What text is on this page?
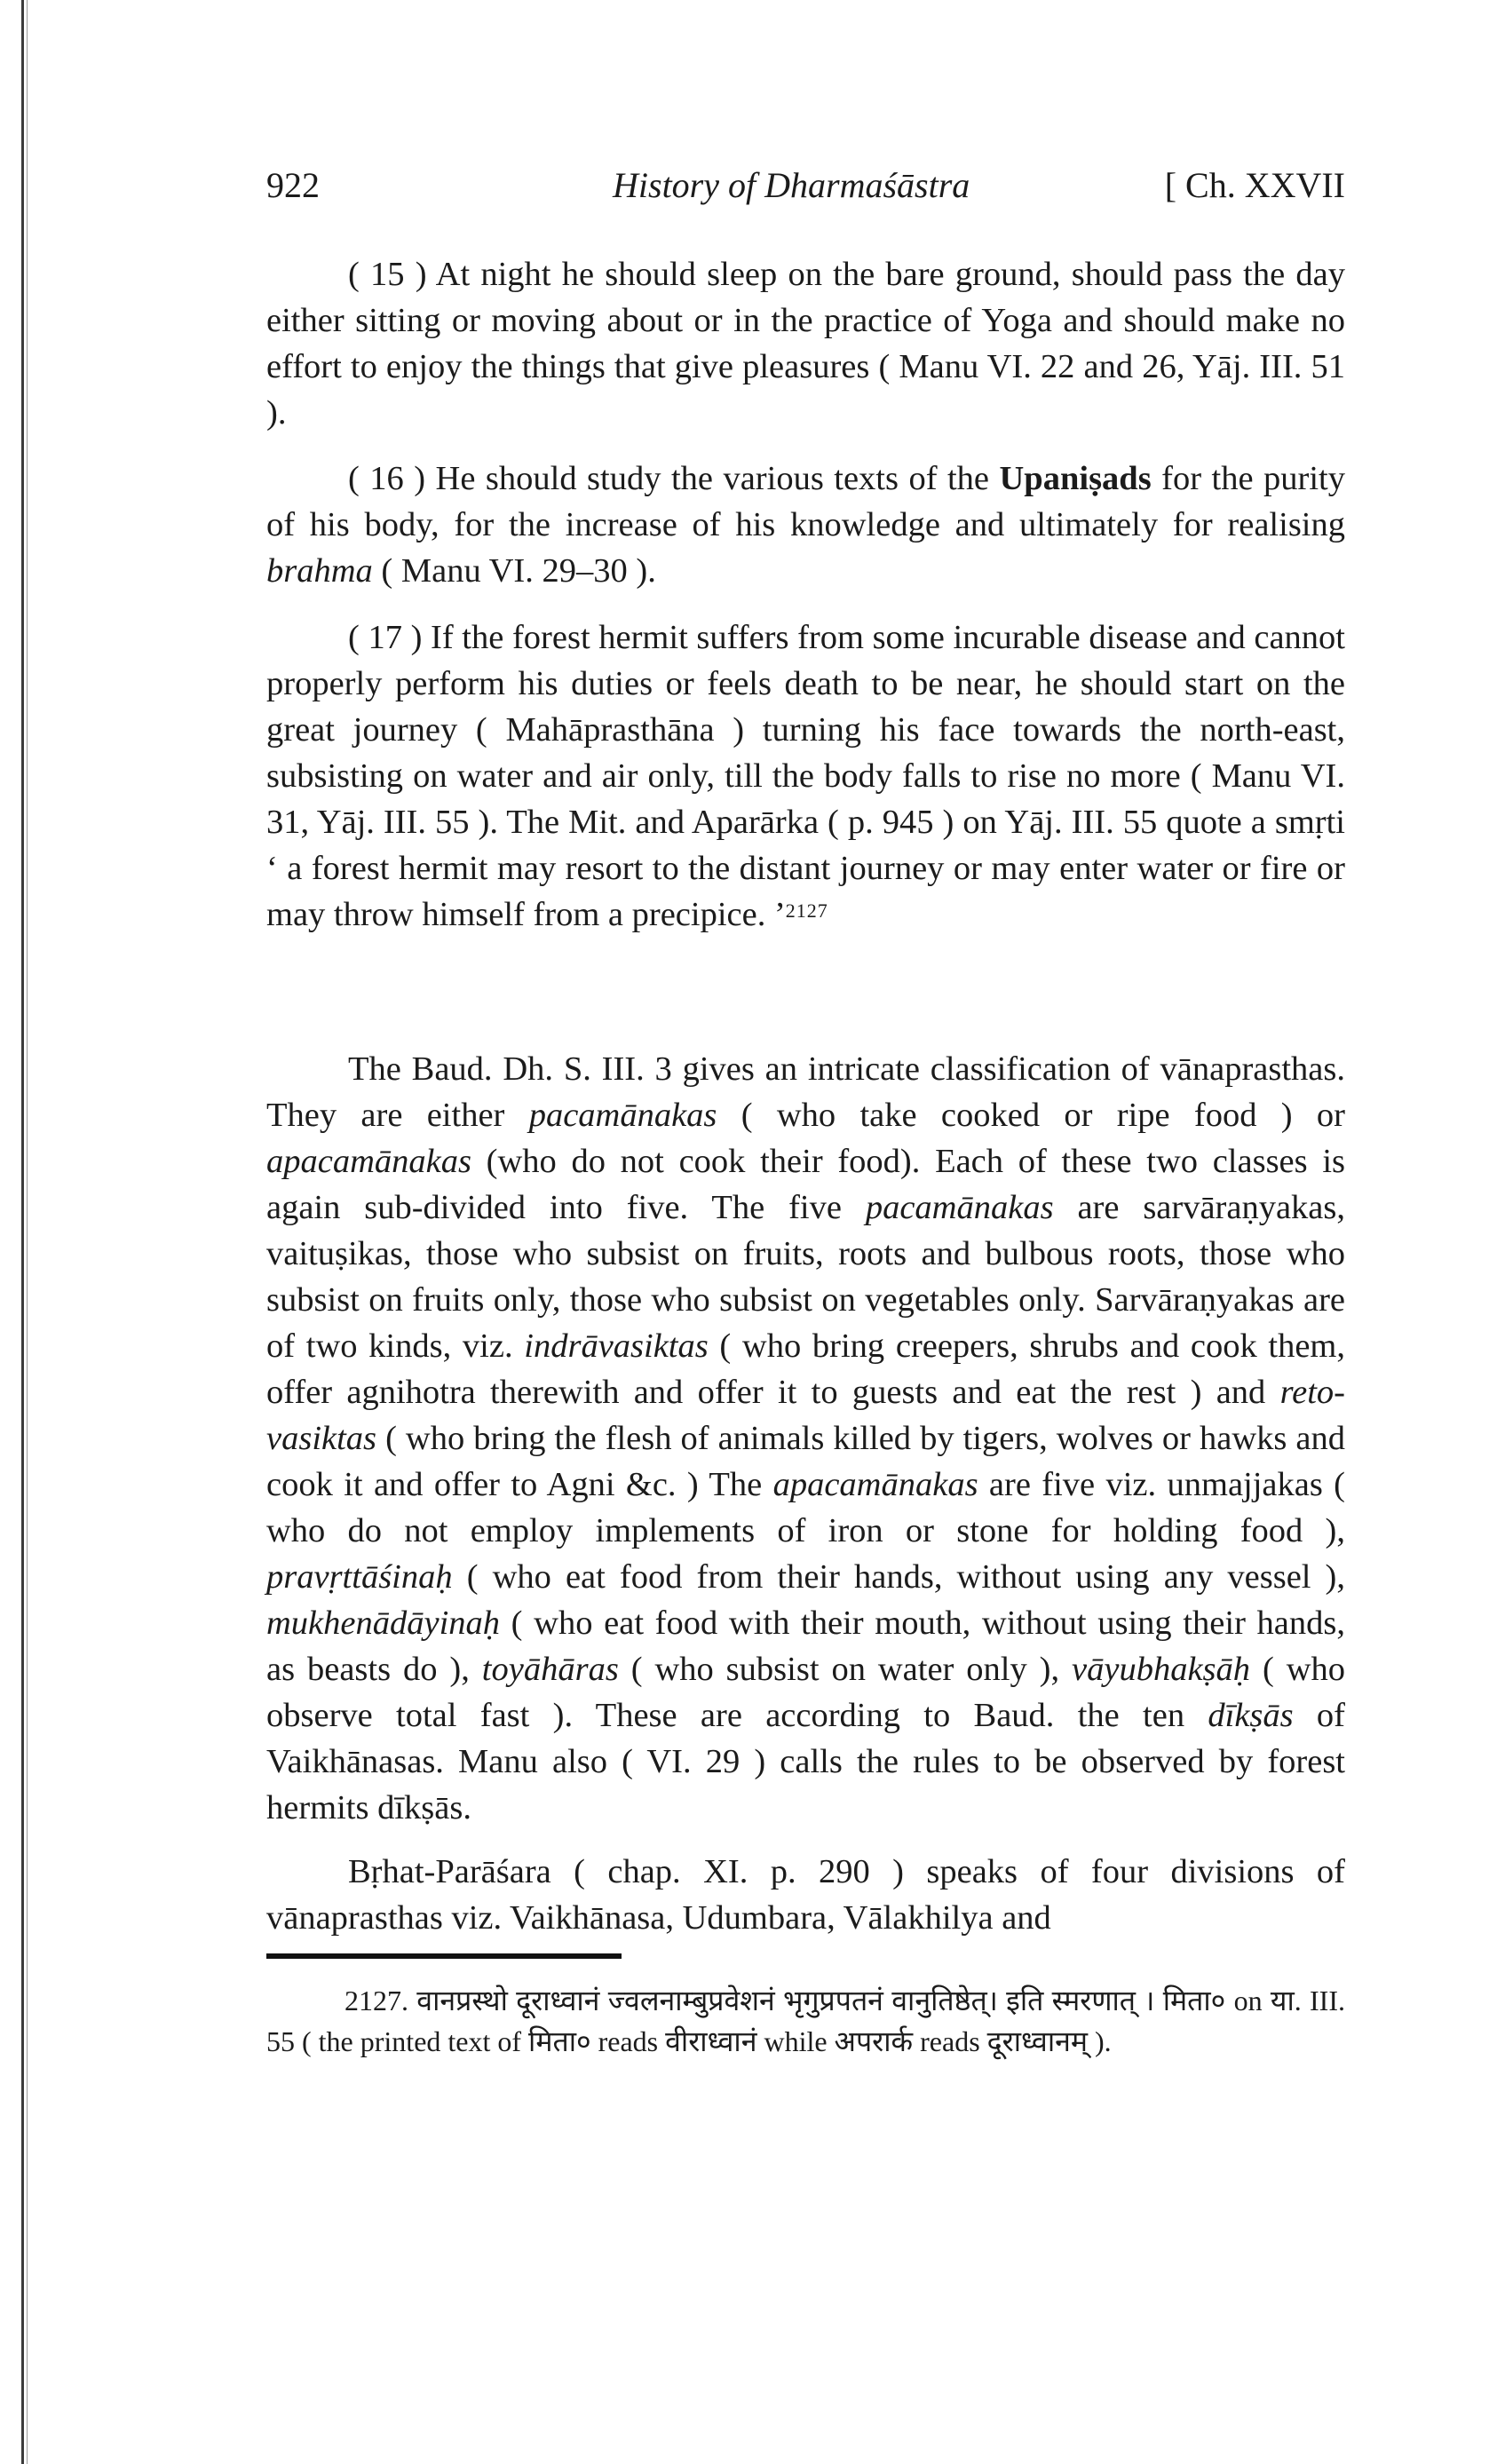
922	History of Dharmaśāstra	[ Ch. XXVII

( 15 ) At night he should sleep on the bare ground, should pass the day either sitting or moving about or in the practice of Yoga and should make no effort to enjoy the things that give pleasures ( Manu VI. 22 and 26, Yāj. III. 51 ).

( 16 ) He should study the various texts of the Upaniṣads for the purity of his body, for the increase of his knowledge and ultimately for realising brahma ( Manu VI. 29–30 ).

( 17 ) If the forest hermit suffers from some incurable disease and cannot properly perform his duties or feels death to be near, he should start on the great journey ( Mahāprasthāna ) turning his face towards the north-east, subsisting on water and air only, till the body falls to rise no more ( Manu VI. 31, Yāj. III. 55 ). The Mit. and Aparārka ( p. 945 ) on Yāj. III. 55 quote a smṛti ‘ a forest hermit may resort to the distant journey or may enter water or fire or may throw himself from a precipice. ’$^{2127}$

The Baud. Dh. S. III. 3 gives an intricate classification of vānaprasthas. They are either pacamānakas ( who take cooked or ripe food ) or apacamānakas (who do not cook their food). Each of these two classes is again sub-divided into five. The five pacamānakas are sarvāraṇyakas, vaituṣikas, those who subsist on fruits, roots and bulbous roots, those who subsist on fruits only, those who subsist on vegetables only. Sarvāraṇyakas are of two kinds, viz. indrāvasiktas ( who bring creepers, shrubs and cook them, offer agnihotra therewith and offer it to guests and eat the rest ) and reto-vasiktas ( who bring the flesh of animals killed by tigers, wolves or hawks and cook it and offer to Agni &c. ) The apacamānakas are five viz. unmajjakas ( who do not employ implements of iron or stone for holding food ), pravṛttāśinaḥ ( who eat food from their hands, without using any vessel ), mukhenādāyinaḥ ( who eat food with their mouth, without using their hands, as beasts do ), toyāhāras ( who subsist on water only ), vāyubhakṣāḥ ( who observe total fast ). These are according to Baud. the ten dīkṣās of Vaikhānasas. Manu also ( VI. 29 ) calls the rules to be observed by forest hermits dīkṣās.

Bṛhat-Parāśara ( chap. XI. p. 290 ) speaks of four divisions of vānaprasthas viz. Vaikhānasa, Udumbara, Vālakhilya and

2127. वानप्रस्थो दूराध्वानं ज्वलनाम्बुप्रवेशनं भृगुप्रपतनं वानुतिष्ठेत्। इति स्मरणात् । मिता० on या. III. 55 ( the printed text of मिता० reads वीराध्वानं while अपरार्क reads दूराध्वानम् ).
